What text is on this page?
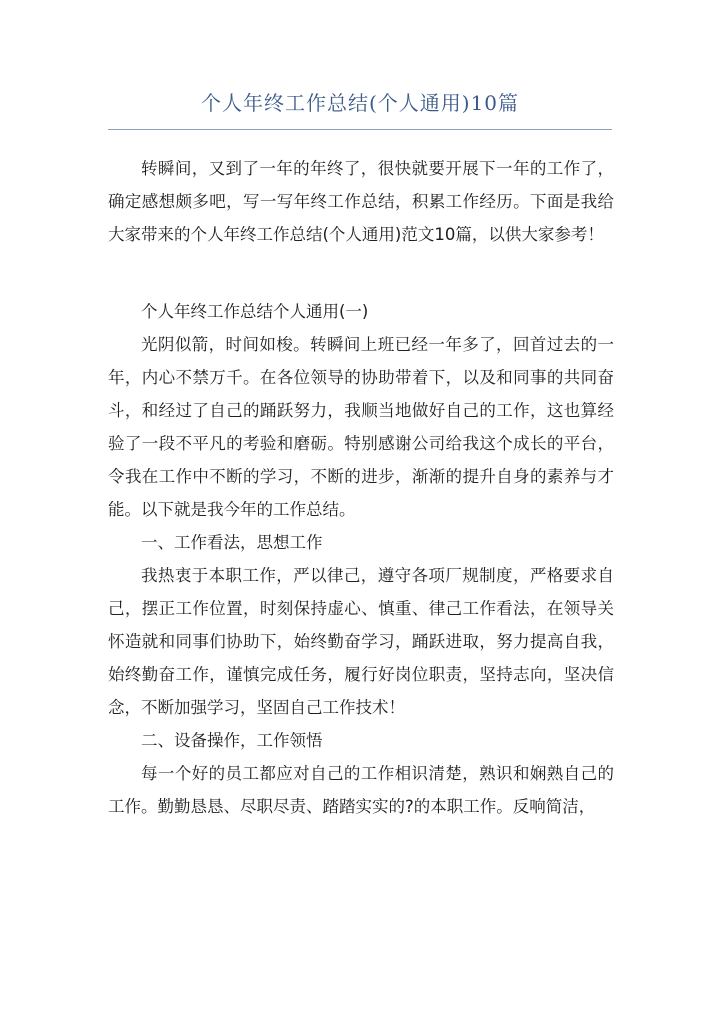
个人年终工作总结(个人通用)10篇

转瞬间，又到了一年的年终了，很快就要开展下一年的工作了，确定感想颇多吧，写一写年终工作总结，积累工作经历。下面是我给大家带来的个人年终工作总结(个人通用)范文10篇，以供大家参考！

个人年终工作总结个人通用(一)

光阴似箭，时间如梭。转瞬间上班已经一年多了，回首过去的一年，内心不禁万千。在各位领导的协助带着下，以及和同事的共同奋斗，和经过了自己的踊跃努力，我顺当地做好自己的工作，这也算经验了一段不平凡的考验和磨砺。特别感谢公司给我这个成长的平台，令我在工作中不断的学习，不断的进步，渐渐的提升自身的素养与才能。以下就是我今年的工作总结。

一、工作看法，思想工作

我热衷于本职工作，严以律己，遵守各项厂规制度，严格要求自己，摆正工作位置，时刻保持虚心、慎重、律己工作看法，在领导关怀造就和同事们协助下，始终勤奋学习，踊跃进取，努力提高自我，始终勤奋工作，谨慎完成任务，履行好岗位职责，坚持志向，坚决信念，不断加强学习，坚固自己工作技术！

二、设备操作，工作领悟

每一个好的员工都应对自己的工作相识清楚，熟识和娴熟自己的工作。勤勤恳恳、尽职尽责、踏踏实实的?的本职工作。反响简洁，
